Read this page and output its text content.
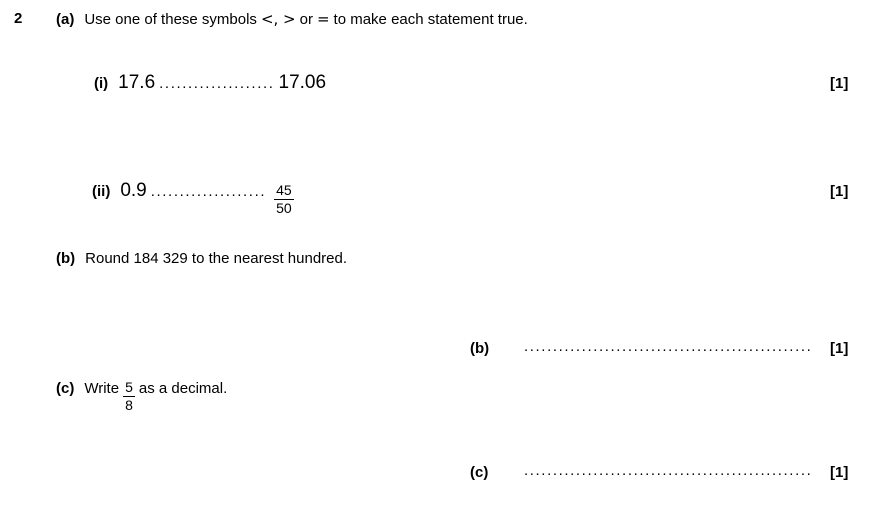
2 (a) Use one of these symbols <, > or = to make each statement true.
(i) 17.6 .................... 17.06	[1]
(ii) 0.9 .................... $\frac{45}{50}$	[1]
(b) Round 184 329 to the nearest hundred.
(b) .................................................. [1]
(c) Write $\frac{5}{8}$ as a decimal.
(c) .................................................. [1]
